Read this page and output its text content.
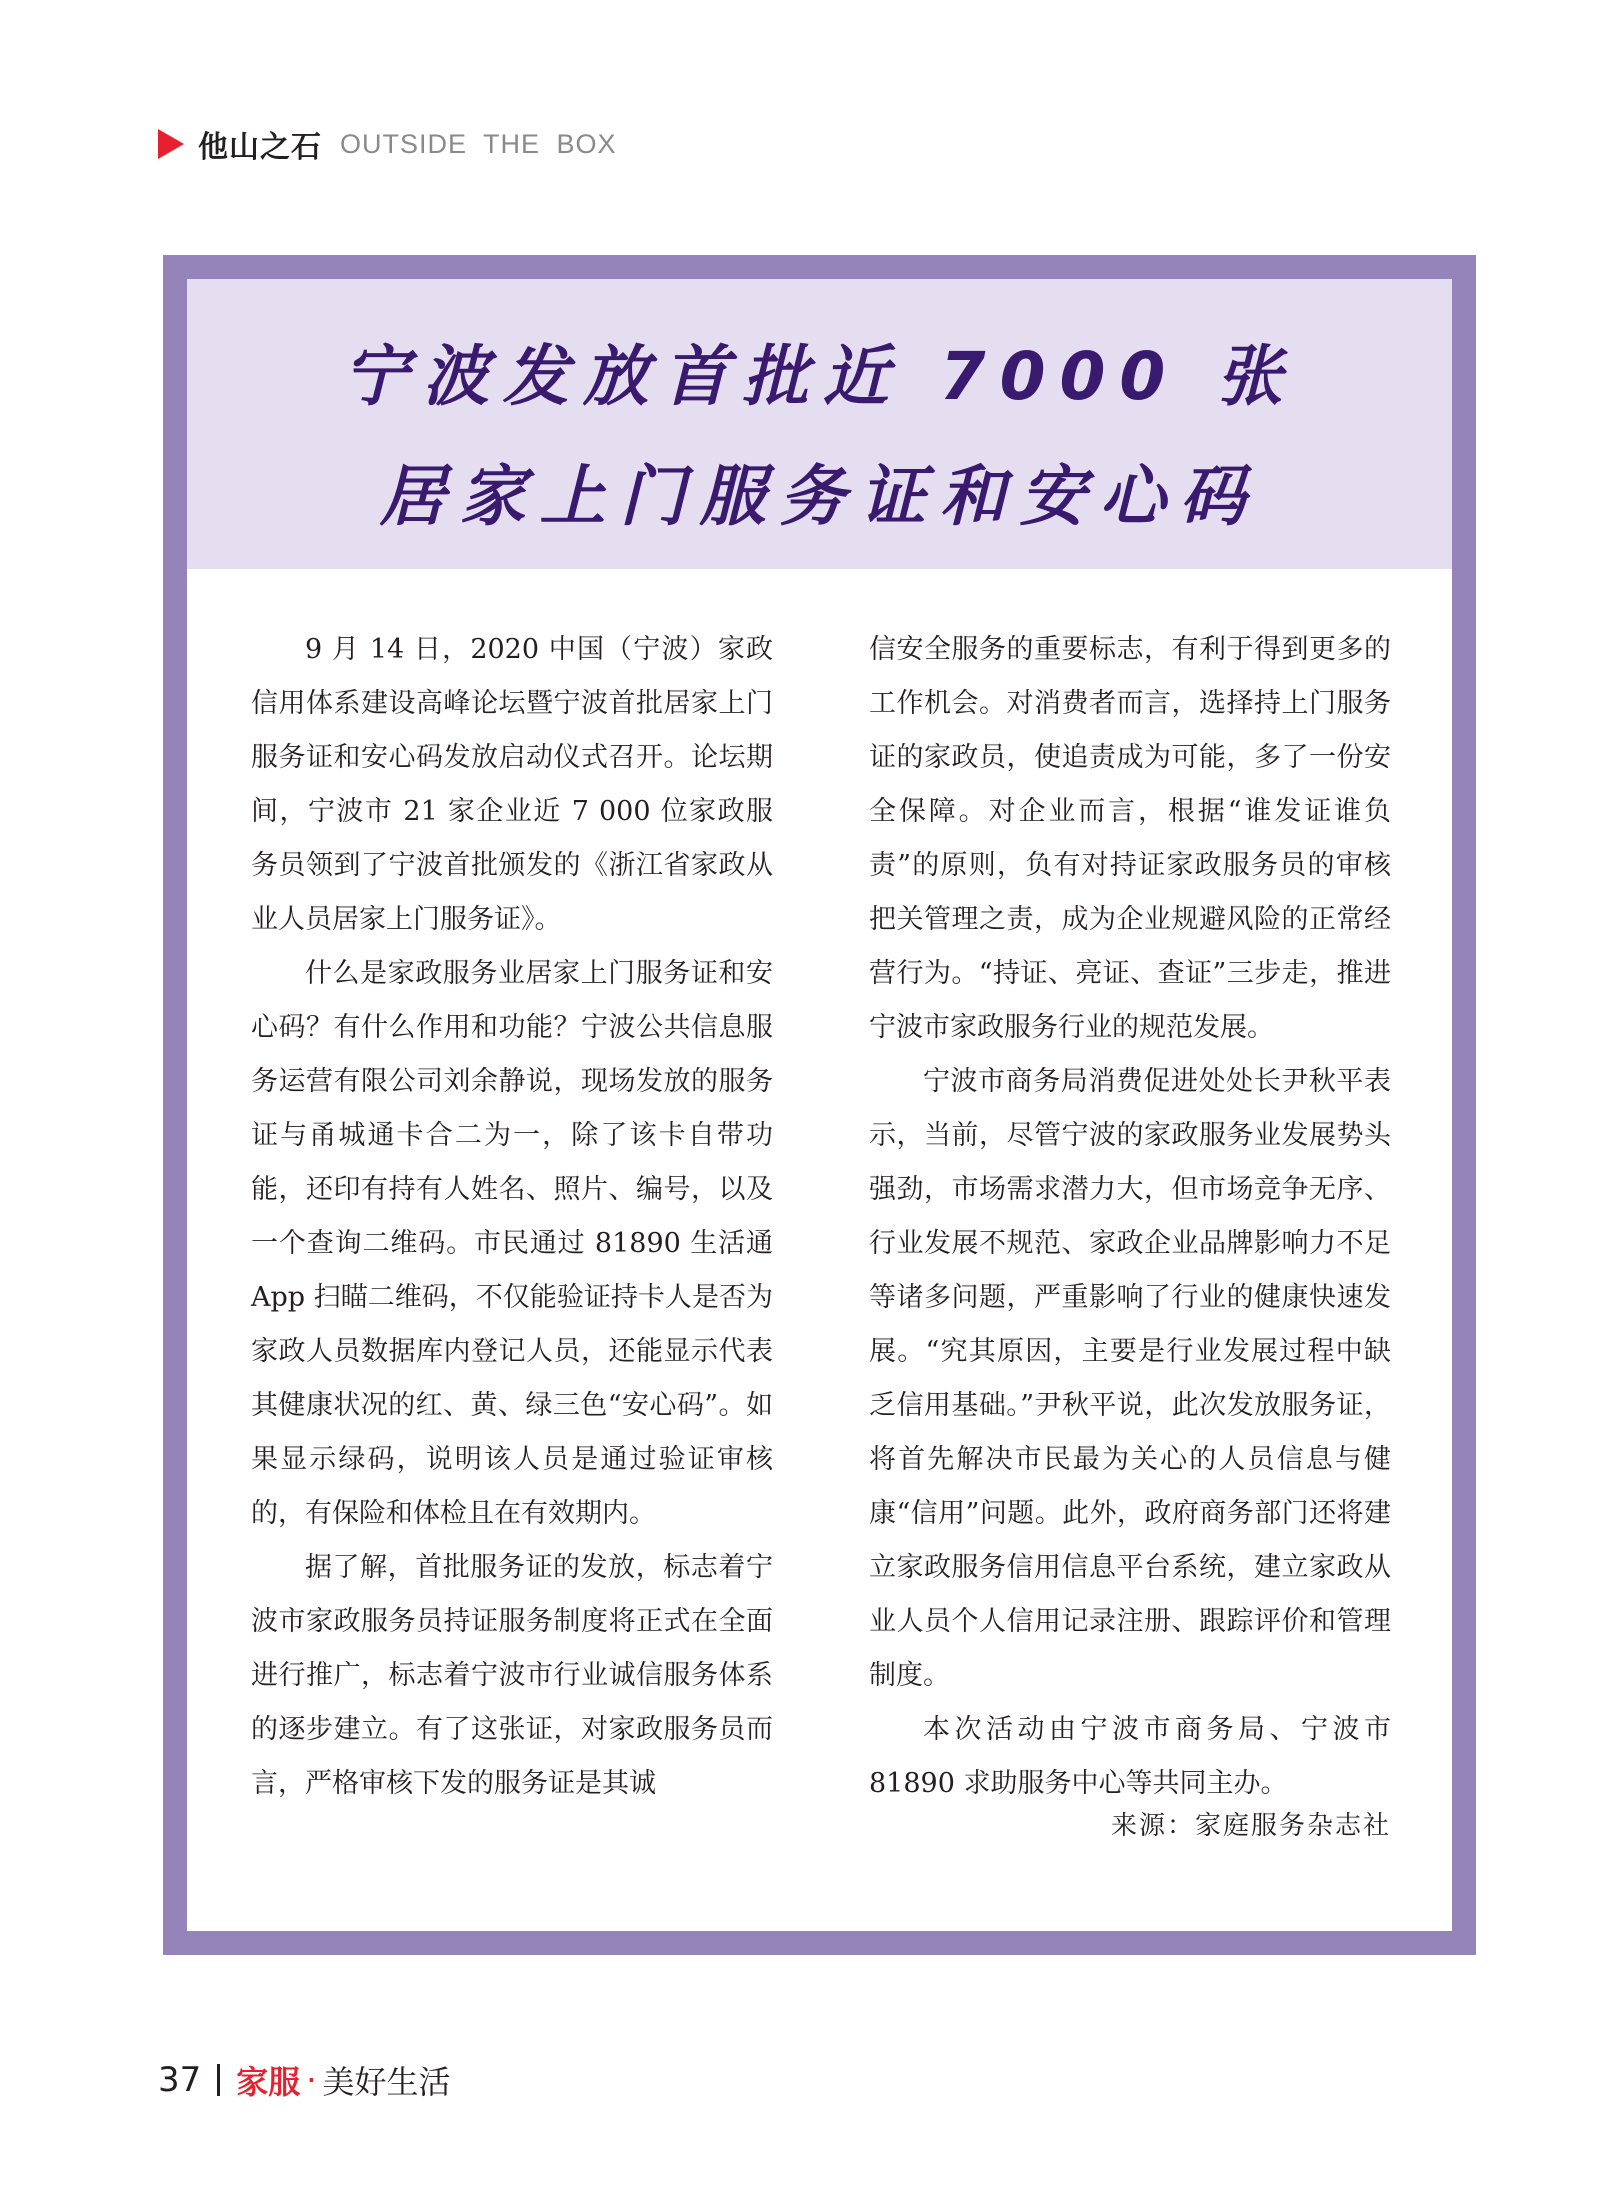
他山之石 OUTSIDE THE BOX
宁波发放首批近 7000 张
居家上门服务证和安心码

9 月 14 日，2020 中国（宁波）家政信用体系建设高峰论坛暨宁波首批居家上门服务证和安心码发放启动仪式召开。论坛期间，宁波市 21 家企业近 7 000 位家政服务员领到了宁波首批颁发的《浙江省家政从业人员居家上门服务证》。

什么是家政服务业居家上门服务证和安心码？有什么作用和功能？宁波公共信息服务运营有限公司刘余静说，现场发放的服务证与甬城通卡合二为一，除了该卡自带功能，还印有持有人姓名、照片、编号，以及一个查询二维码。市民通过 81890 生活通 App 扫瞄二维码，不仅能验证持卡人是否为家政人员数据库内登记人员，还能显示代表其健康状况的红、黄、绿三色“安心码”。如果显示绿码，说明该人员是通过验证审核的，有保险和体检且在有效期内。

据了解，首批服务证的发放，标志着宁波市家政服务员持证服务制度将正式在全面进行推广，标志着宁波市行业诚信服务体系的逐步建立。有了这张证，对家政服务员而言，严格审核下发的服务证是其诚

信安全服务的重要标志，有利于得到更多的工作机会。对消费者而言，选择持上门服务证的家政员，使追责成为可能，多了一份安全保障。对企业而言，根据“谁发证谁负责”的原则，负有对持证家政服务员的审核把关管理之责，成为企业规避风险的正常经营行为。“持证、亮证、查证”三步走，推进宁波市家政服务行业的规范发展。

宁波市商务局消费促进处处长尹秋平表示，当前，尽管宁波的家政服务业发展势头强劲，市场需求潜力大，但市场竞争无序、行业发展不规范、家政企业品牌影响力不足等诸多问题，严重影响了行业的健康快速发展。“究其原因，主要是行业发展过程中缺乏信用基础。”尹秋平说，此次发放服务证，将首先解决市民最为关心的人员信息与健康“信用”问题。此外，政府商务部门还将建立家政服务信用信息平台系统，建立家政从业人员个人信用记录注册、跟踪评价和管理制度。

本次活动由宁波市商务局、宁波市 81890 求助服务中心等共同主办。

来源：家庭服务杂志社
37 家服 · 美好生活
